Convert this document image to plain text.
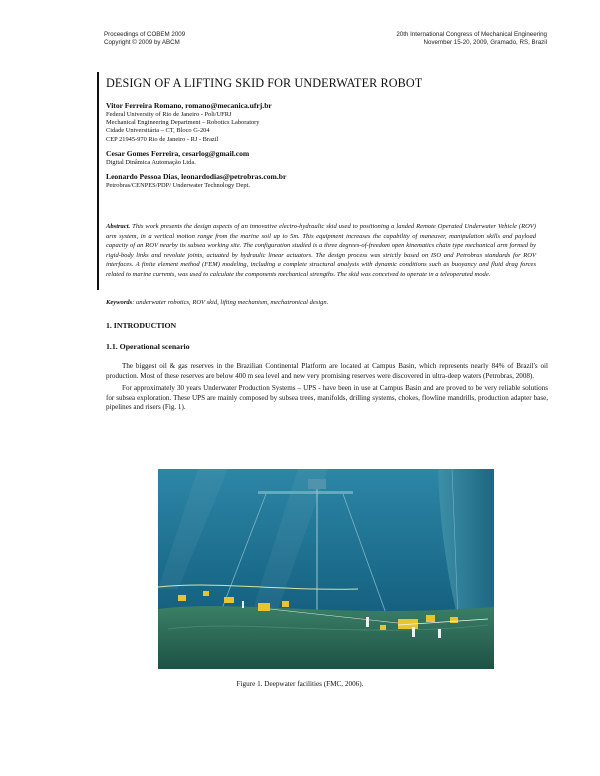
Proceedings of COBEM 2009
Copyright © 2009 by ABCM
20th International Congress of Mechanical Engineering
November 15-20, 2009, Gramado, RS, Brazil
DESIGN OF A LIFTING SKID FOR UNDERWATER ROBOT
Vitor Ferreira Romano, romano@mecanica.ufrj.br
Federal University of Rio de Janeiro - Poli/UFRJ
Mechanical Engineering Department – Robotics Laboratory
Cidade Universitária – CT, Bloco G-204
CEP 21945-970 Rio de Janeiro - RJ - Brazil
Cesar Gomes Ferreira, cesarlog@gmail.com
Digital Dinâmica Automação Ltda.
Leonardo Pessoa Dias, leonardodias@petrobras.com.br
Petrobras/CENPES/PDP/ Underwater Technology Dept.
Abstract. This work presents the design aspects of an innovative electro-hydraulic skid used to positioning a landed Remote Operated Underwater Vehicle (ROV) arm system, in a vertical motion range from the marine soil up to 5m. This equipment increases the capability of maneuver, manipulation skills and payload capacity of an ROV nearby its subsea working site. The configuration studied is a three degrees-of-freedom open kinematics chain type mechanical arm formed by rigid-body links and revolute joints, actuated by hydraulic linear actuators. The design process was strictly based on ISO and Petrobras standards for ROV interfaces. A finite element method (FEM) modeling, including a complete structural analysis with dynamic conditions such as buoyancy and fluid drag forces related to marine currents, was used to calculate the components mechanical strengths. The skid was conceived to operate in a teleoperated mode.
Keywords: underwater robotics, ROV skid, lifting mechanism, mechatronical design.
1. INTRODUCTION
1.1. Operational scenario

The biggest oil & gas reserves in the Brazilian Continental Platform are located at Campus Basin, which represents nearly 84% of Brazil's oil production. Most of these reserves are below 400 m sea level and new very promising reserves were discovered in ultra-deep waters (Petrobras, 2008).

For approximately 30 years Underwater Production Systems – UPS - have been in use at Campus Basin and are proved to be very reliable solutions for subsea exploration. These UPS are mainly composed by subsea trees, manifolds, drilling systems, chokes, flowline mandrills, production adapter base, pipelines and risers (Fig. 1).

Figure 1. Deepwater facilities (FMC, 2006).
